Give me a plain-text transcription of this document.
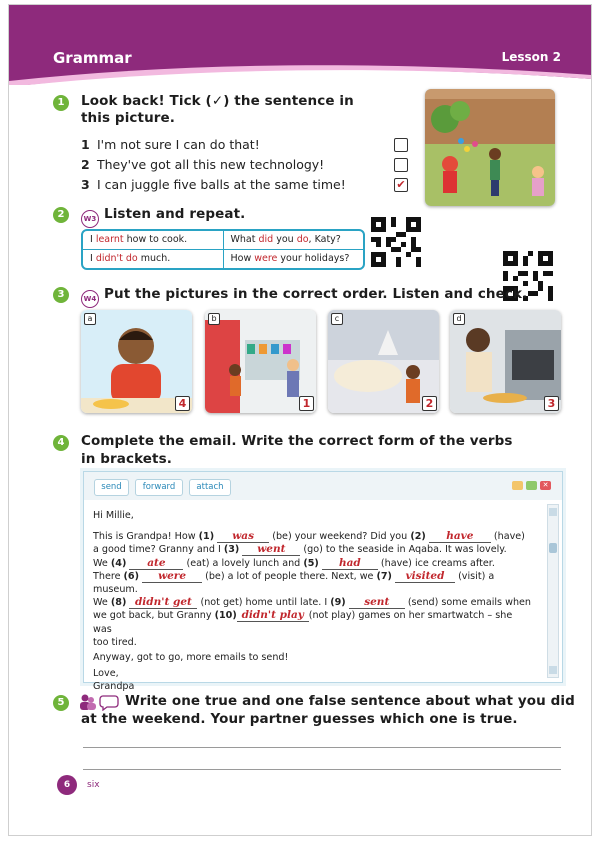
Grammar	Lesson 2
1	Look back! Tick (✓) the sentence in
this picture.
1 I'm not sure I can do that!
2 They've got all this new technology!
3 I can juggle five balls at the same time!	✔
2	W3 Listen and repeat.
I learnt how to cook.	What did you do, Katy?
I didn't do much.	How were your holidays?
3	W4 Put the pictures in the correct order. Listen and check.
a
4
b
1
c
2
d
3
4	Complete the email. Write the correct form of the verbs
in brackets.
send	forward	attach	✕

Hi Millie,

This is Grandpa! How (1) was (be) your weekend? Did you (2) have (have)

a good time? Granny and I (3) went (go) to the seaside in Aqaba. It was lovely.

We (4) ate (eat) a lovely lunch and (5) had (have) ice creams after.

There (6) were (be) a lot of people there. Next, we (7) visited (visit) a museum.

We (8) didn't get (not get) home until late. I (9) sent (send) some emails when

we got back, but Granny (10) didn't play (not play) games on her smartwatch – she was

too tired.

Anyway, got to go, more emails to send!

Love,

Grandpa

5	Write one true and one false sentence about what you did
at the weekend. Your partner guesses which one is true.
6	six
